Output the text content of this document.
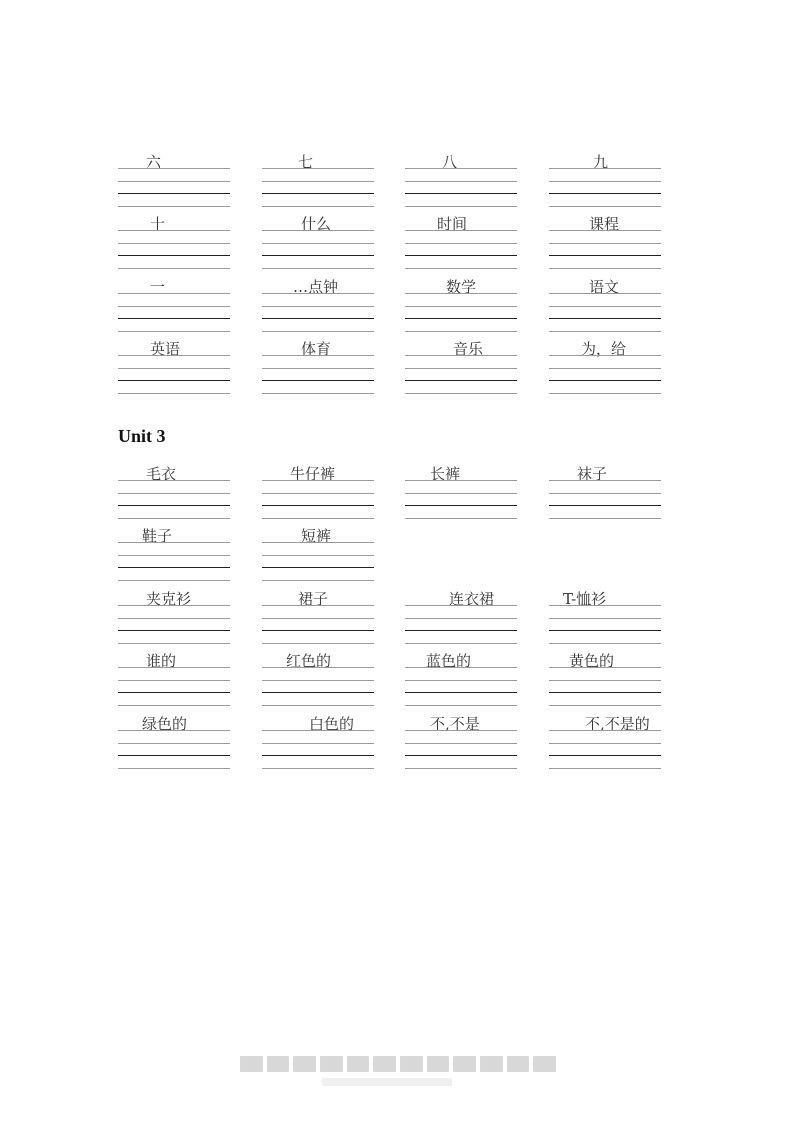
六	七	八	九
十	什么	时间	课程
一	…点钟	数学	语文
英语	体育	音乐	为，给
Unit 3
毛衣	牛仔裤	长裤	袜子
鞋子	短裤
夹克衫	裙子	连衣裙	T-恤衫
谁的	红色的	蓝色的	黄色的
绿色的	白色的	不,不是	不,不是的
